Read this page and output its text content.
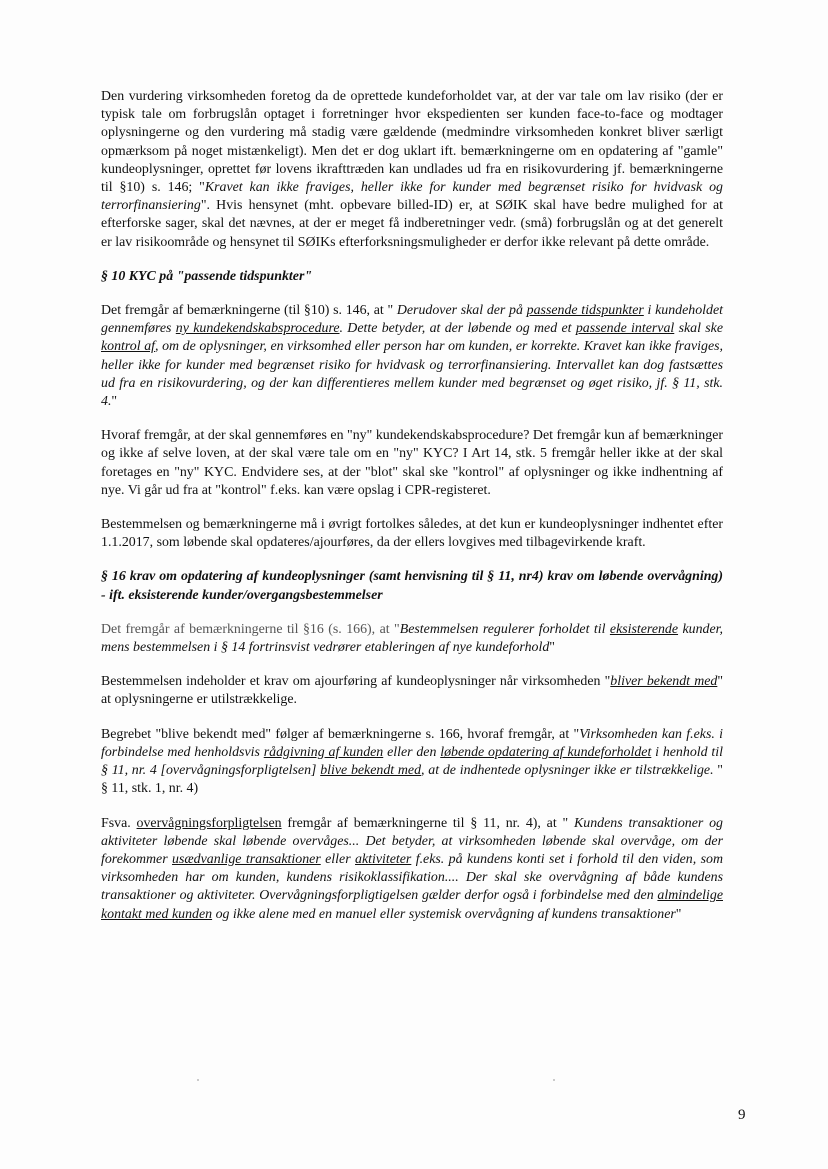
Den vurdering virksomheden foretog da de oprettede kundeforholdet var, at der var tale om lav risiko (der er typisk tale om forbrugslån optaget i forretninger hvor ekspedienten ser kunden face-to-face og modtager oplysningerne og den vurdering må stadig være gældende (medmindre virksomheden konkret bliver særligt opmærksom på noget mistænkeligt). Men det er dog uklart ift. bemærkningerne om en opdatering af "gamle" kundeoplysninger, oprettet før lovens ikrafttræden kan undlades ud fra en risikovurdering jf. bemærkningerne til §10) s. 146; "Kravet kan ikke fraviges, heller ikke for kunder med begrænset risiko for hvidvask og terrorfinansiering". Hvis hensynet (mht. opbevare billed-ID) er, at SØIK skal have bedre mulighed for at efterforske sager, skal det nævnes, at der er meget få indberetninger vedr. (små) forbrugslån og at det generelt er lav risikoområde og hensynet til SØIKs efterforksningsmuligheder er derfor ikke relevant på dette område.

§ 10 KYC på "passende tidspunkter"

Det fremgår af bemærkningerne (til §10) s. 146, at " Derudover skal der på passende tidspunkter i kundeholdet gennemføres ny kundekendskabsprocedure. Dette betyder, at der løbende og med et passende interval skal ske kontrol af, om de oplysninger, en virksomhed eller person har om kunden, er korrekte. Kravet kan ikke fraviges, heller ikke for kunder med begrænset risiko for hvidvask og terrorfinansiering. Intervallet kan dog fastsættes ud fra en risikovurdering, og der kan differentieres mellem kunder med begrænset og øget risiko, jf. § 11, stk. 4."

Hvoraf fremgår, at der skal gennemføres en "ny" kundekendskabsprocedure? Det fremgår kun af bemærkninger og ikke af selve loven, at der skal være tale om en "ny" KYC? I Art 14, stk. 5 fremgår heller ikke at der skal foretages en "ny" KYC. Endvidere ses, at der "blot" skal ske "kontrol" af oplysninger og ikke indhentning af nye. Vi går ud fra at "kontrol" f.eks. kan være opslag i CPR-registeret.

Bestemmelsen og bemærkningerne må i øvrigt fortolkes således, at det kun er kundeoplysninger indhentet efter 1.1.2017, som løbende skal opdateres/ajourføres, da der ellers lovgives med tilbagevirkende kraft.

§ 16 krav om opdatering af kundeoplysninger (samt henvisning til § 11, nr4) krav om løbende overvågning) - ift. eksisterende kunder/overgangsbestemmelser

Det fremgår af bemærkningerne til §16 (s. 166), at "Bestemmelsen regulerer forholdet til eksisterende kunder, mens bestemmelsen i § 14 fortrinsvist vedrører etableringen af nye kundeforhold"

Bestemmelsen indeholder et krav om ajourføring af kundeoplysninger når virksomheden "bliver bekendt med" at oplysningerne er utilstrækkelige.

Begrebet "blive bekendt med" følger af bemærkningerne s. 166, hvoraf fremgår, at "Virksomheden kan f.eks. i forbindelse med henholdsvis rådgivning af kunden eller den løbende opdatering af kundeforholdet i henhold til § 11, nr. 4 [overvågningsforpligtelsen] blive bekendt med, at de indhentede oplysninger ikke er tilstrækkelige. " § 11, stk. 1, nr. 4)

Fsva. overvågningsforpligtelsen fremgår af bemærkningerne til § 11, nr. 4), at " Kundens transaktioner og aktiviteter løbende skal løbende overvåges... Det betyder, at virksomheden løbende skal overvåge, om der forekommer usædvanlige transaktioner eller aktiviteter f.eks. på kundens konti set i forhold til den viden, som virksomheden har om kunden, kundens risikoklassifikation.... Der skal ske overvågning af både kundens transaktioner og aktiviteter. Overvågningsforpligtigelsen gælder derfor også i forbindelse med den almindelige kontakt med kunden og ikke alene med en manuel eller systemisk overvågning af kundens transaktioner"

9
